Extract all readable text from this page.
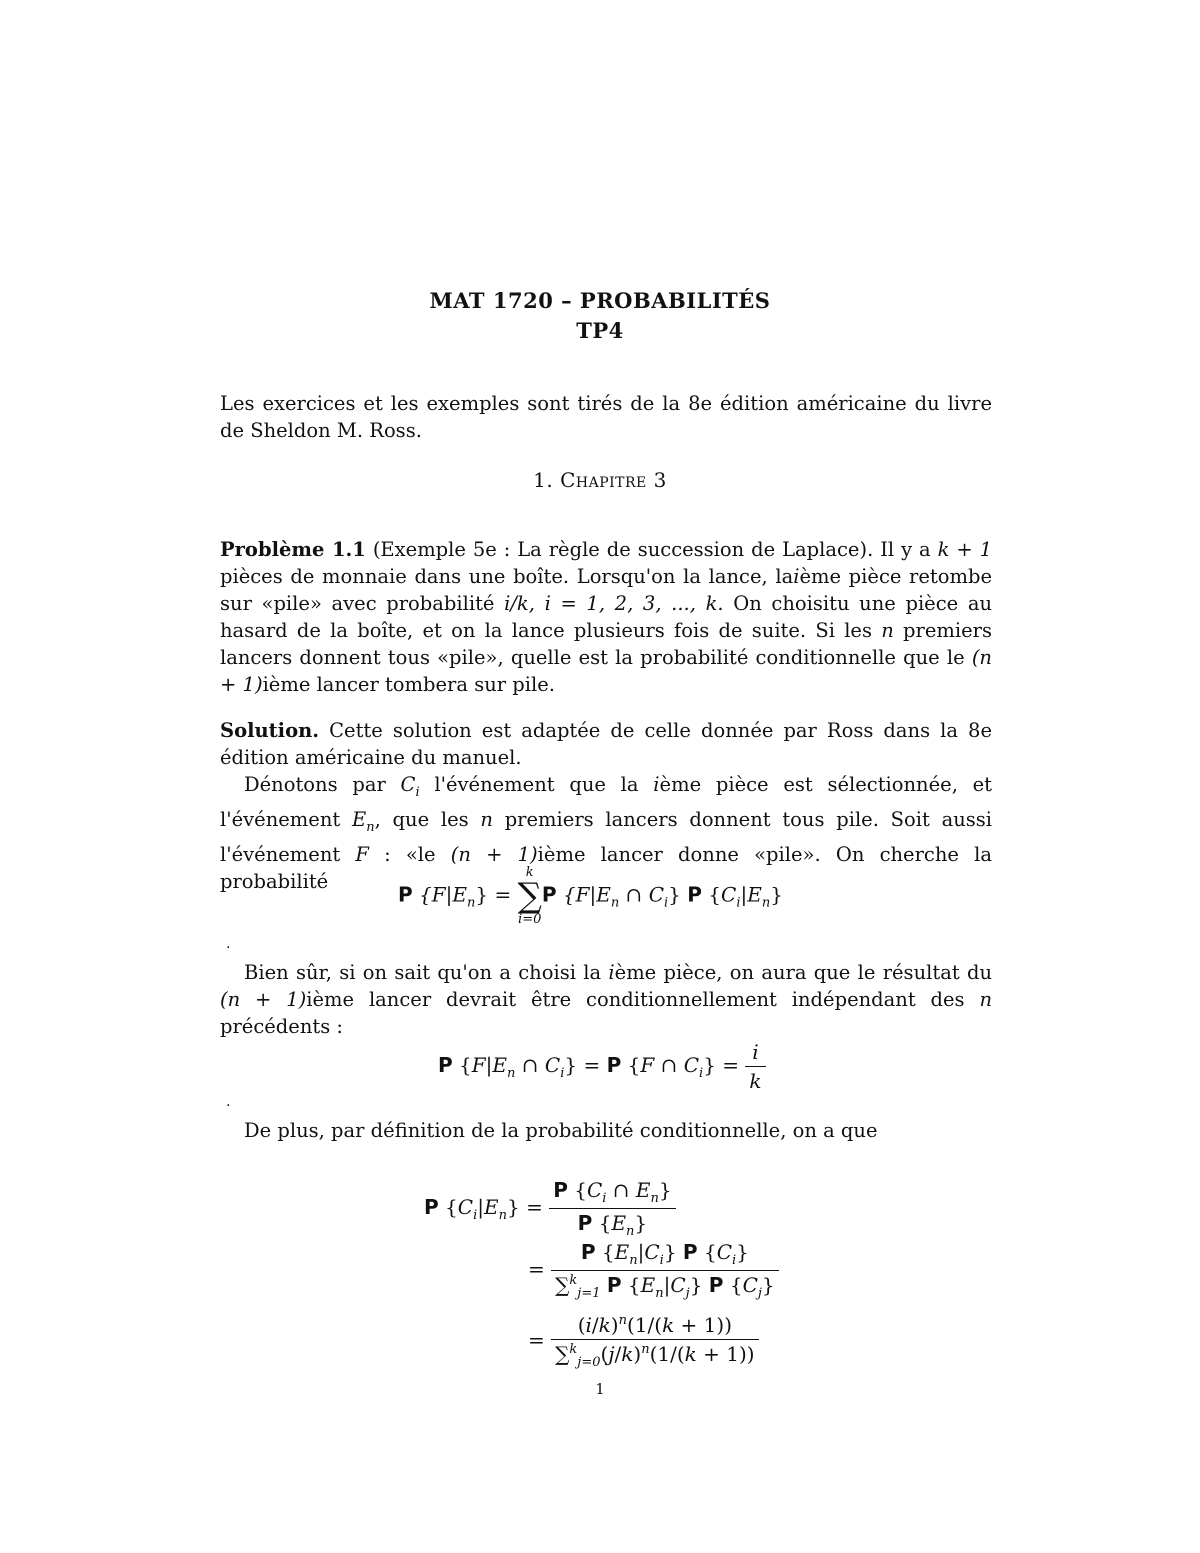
MAT 1720 – PROBABILITÉS
TP4
Les exercices et les exemples sont tirés de la 8e édition américaine du livre de Sheldon M. Ross.
1. Chapitre 3
Problème 1.1 (Exemple 5e : La règle de succession de Laplace). Il y a k + 1 pièces de monnaie dans une boîte. Lorsqu'on la lance, laième pièce retombe sur «pile» avec probabilité i/k, i = 1, 2, 3, ..., k. On choisitu une pièce au hasard de la boîte, et on la lance plusieurs fois de suite. Si les n premiers lancers donnent tous «pile», quelle est la probabilité conditionnelle que le (n + 1)ième lancer tombera sur pile.
Solution. Cette solution est adaptée de celle donnée par Ross dans la 8e édition américaine du manuel.
Dénotons par $C_i$ l'événement que la ième pièce est sélectionnée, et l'événement $E_n$, que les n premiers lancers donnent tous pile. Soit aussi l'événement F : «le (n + 1)ième lancer donne «pile». On cherche la probabilité
P $\{F|E_n\}$ =
k
∑
i=0
P {$F|E_n$ ∩ $C_i$} P $\{C_i|E_n\}$
.
Bien sûr, si on sait qu'on a choisi la ième pièce, on aura que le résultat du (n + 1)ième lancer devrait être conditionnellement indépendant des n précédents :
P {$F|E_n$ ∩ $C_i\} = P$ {F ∩ $C_i\} = \frac{i}{k}$
.
De plus, par définition de la probabilité conditionnelle, on a que
P $\{C_i|E_n\} = \frac{P \{C_i \cap E_n\}}{P \{E_n\}}$
= $\frac{P \{E_n|C_i\} P \{C_i\}}{\sum^k_{j=1} P \{E_n|C_j\} P \{C_j\}}$
= $\frac{(i/k)^n(1/(k + 1))}{\sum^k_{j=0}(j/k)^n(1/(k + 1))}$
1
